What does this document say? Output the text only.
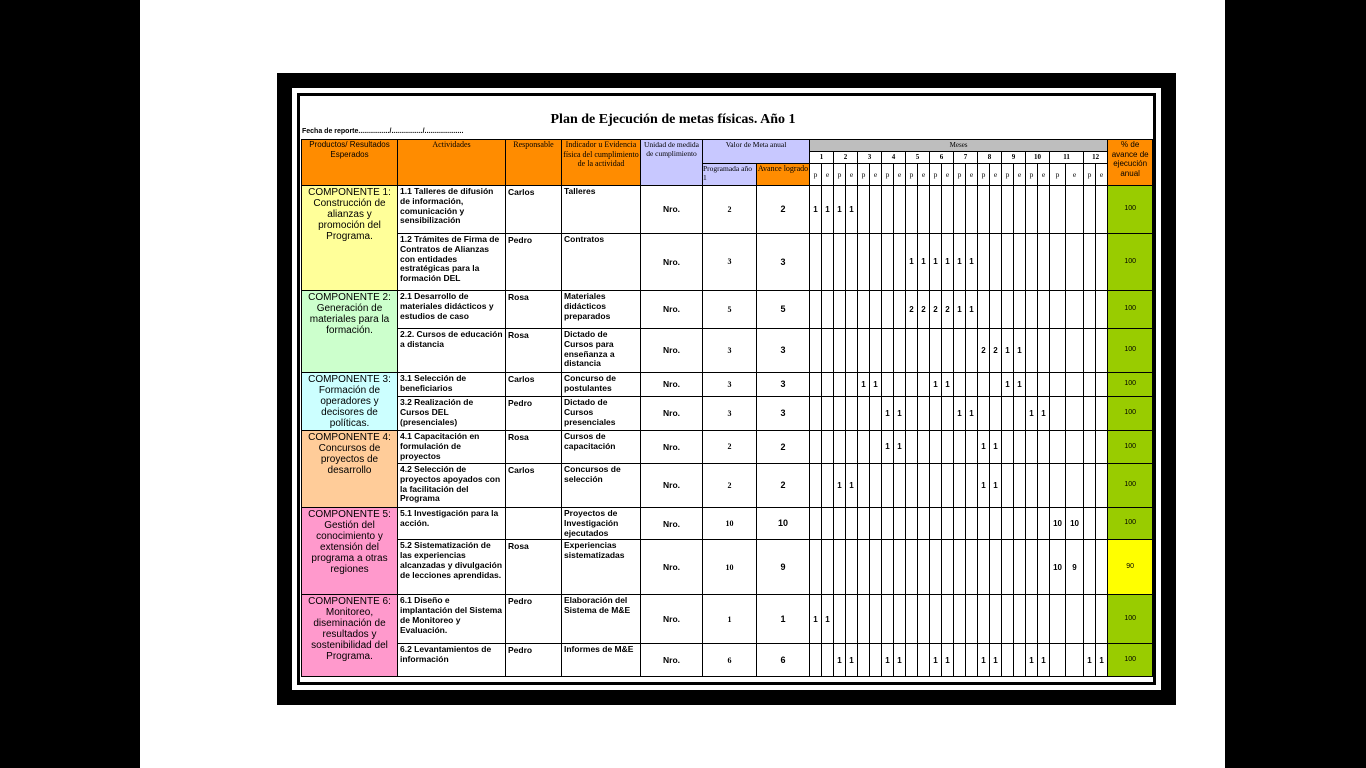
Plan de Ejecución de metas físicas. Año 1
Fecha de reporte................/................/....................
Productos/ Resultados Esperados	Actividades	Responsable	Indicador u Evidencia física del cumplimiento de la actividad	Unidad de medida de cumplimiento	Valor de Meta anual		Meses																								% de avance de ejecución anual
							1		2		3		4		5		6		7		8		9		10		11		12		
					Programada año 1	Avance logrado	p	e	p	e	p	e	p	e	p	e	p	e	p	e	p	e	p	e	p	e	p	e	p	e	
COMPONENTE 1: Construcción de alianzas y promoción del Programa.	1.1 Talleres de difusión de información, comunicación y sensibilización	Carlos	Talleres	Nro.	2	2	1	1	1	1																					100
	1.2 Trámites de Firma de Contratos de Alianzas con entidades estratégicas para la formación DEL	Pedro	Contratos	Nro.	3	3									1	1	1	1	1	1											100
COMPONENTE 2: Generación de materiales para la formación.	2.1 Desarrollo de materiales didácticos y estudios de caso	Rosa	Materiales didácticos preparados	Nro.	5	5									2	2	2	2	1	1											100
	2.2. Cursos de educación a distancia	Rosa	Dictado de Cursos para enseñanza a distancia	Nro.	3	3															2	2	1	1							100
COMPONENTE 3: Formación de operadores y decisores de políticas.	3.1 Selección de beneficiarios	Carlos	Concurso de postulantes	Nro.	3	3					1	1					1	1					1	1							100
	3.2 Realización de Cursos DEL (presenciales)	Pedro	Dictado de Cursos presenciales	Nro.	3	3							1	1					1	1					1	1					100
COMPONENTE 4: Concursos de proyectos de desarrollo	4.1 Capacitación en formulación de proyectos	Rosa	Cursos de capacitación	Nro.	2	2							1	1							1	1									100
	4.2 Selección de proyectos apoyados con la facilitación del Programa	Carlos	Concursos de selección	Nro.	2	2			1	1											1	1									100
COMPONENTE 5: Gestión del conocimiento y extensión del programa a otras regiones	5.1 Investigación para la acción.		Proyectos de Investigación ejecutados	Nro.	10	10																					10	10			100
	5.2 Sistematización de las experiencias alcanzadas y divulgación de lecciones aprendidas.	Rosa	Experiencias sistematizadas	Nro.	10	9																					10	9			90
COMPONENTE 6: Monitoreo, diseminación de resultados y sostenibilidad del Programa.	6.1 Diseño e implantación del Sistema de Monitoreo y Evaluación.	Pedro	Elaboración del Sistema de M&E	Nro.	1	1	1	1																							100
	6.2 Levantamientos de información	Pedro	Informes de M&E	Nro.	6	6			1	1			1	1			1	1			1	1			1	1			1	1	100
